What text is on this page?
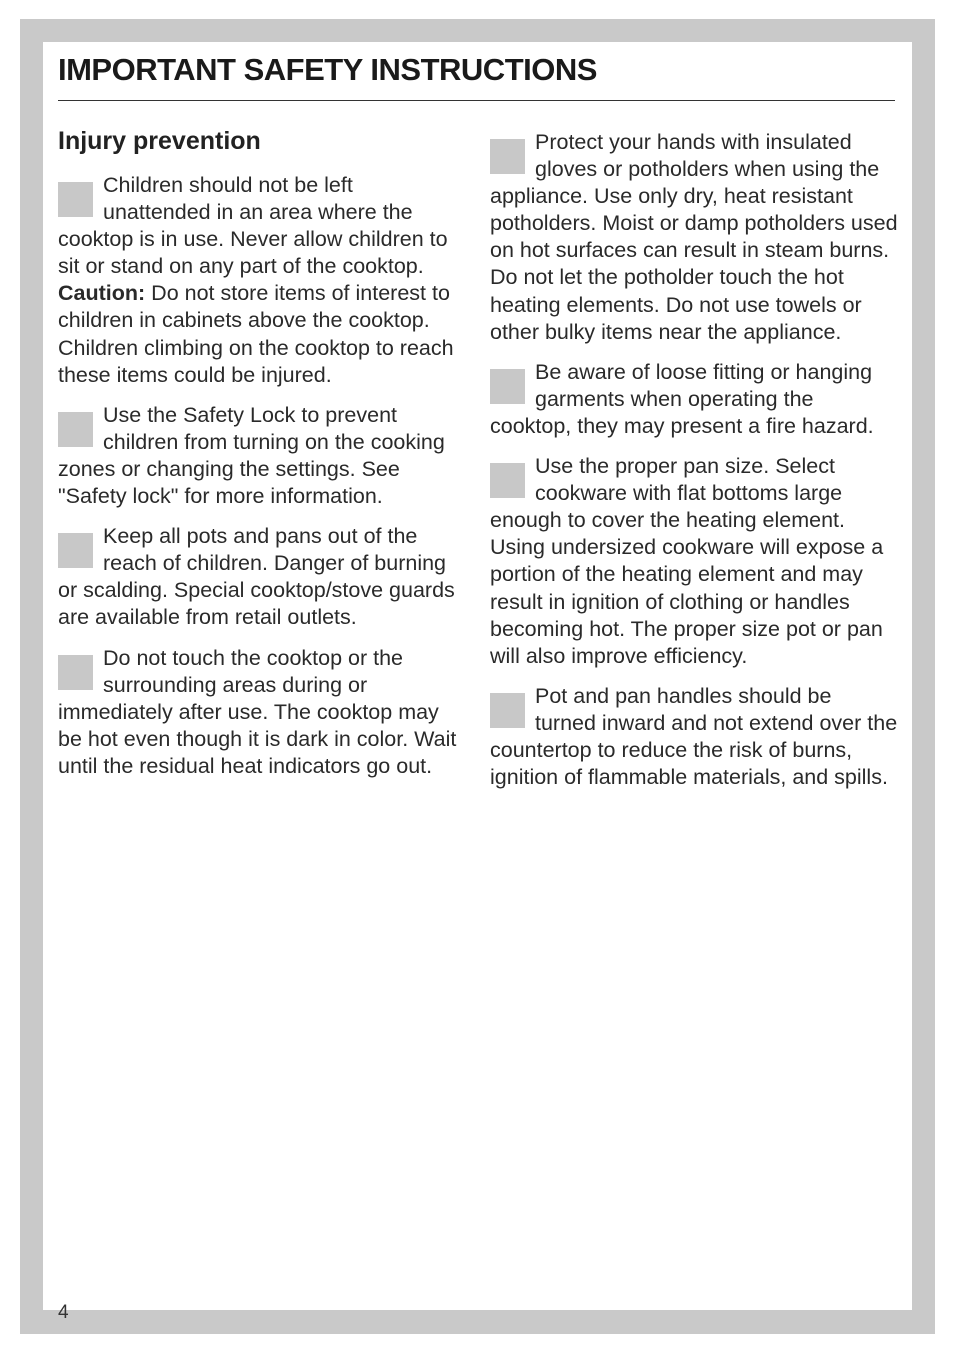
IMPORTANT SAFETY INSTRUCTIONS
Injury prevention

Children should not be left unattended in an area where the cooktop is in use. Never allow children to sit or stand on any part of the cooktop.
Caution: Do not store items of interest to children in cabinets above the cooktop. Children climbing on the cooktop to reach these items could be injured.

Use the Safety Lock to prevent children from turning on the cooking zones or changing the settings. See "Safety lock" for more information.

Keep all pots and pans out of the reach of children. Danger of burning or scalding. Special cooktop/stove guards are available from retail outlets.

Do not touch the cooktop or the surrounding areas during or immediately after use. The cooktop may be hot even though it is dark in color. Wait until the residual heat indicators go out.

Protect your hands with insulated gloves or potholders when using the appliance. Use only dry, heat resistant potholders. Moist or damp potholders used on hot surfaces can result in steam burns. Do not let the potholder touch the hot heating elements. Do not use towels or other bulky items near the appliance.

Be aware of loose fitting or hanging garments when operating the cooktop, they may present a fire hazard.

Use the proper pan size. Select cookware with flat bottoms large enough to cover the heating element. Using undersized cookware will expose a portion of the heating element and may result in ignition of clothing or handles becoming hot. The proper size pot or pan will also improve efficiency.

Pot and pan handles should be turned inward and not extend over the countertop to reduce the risk of burns, ignition of flammable materials, and spills.

4
